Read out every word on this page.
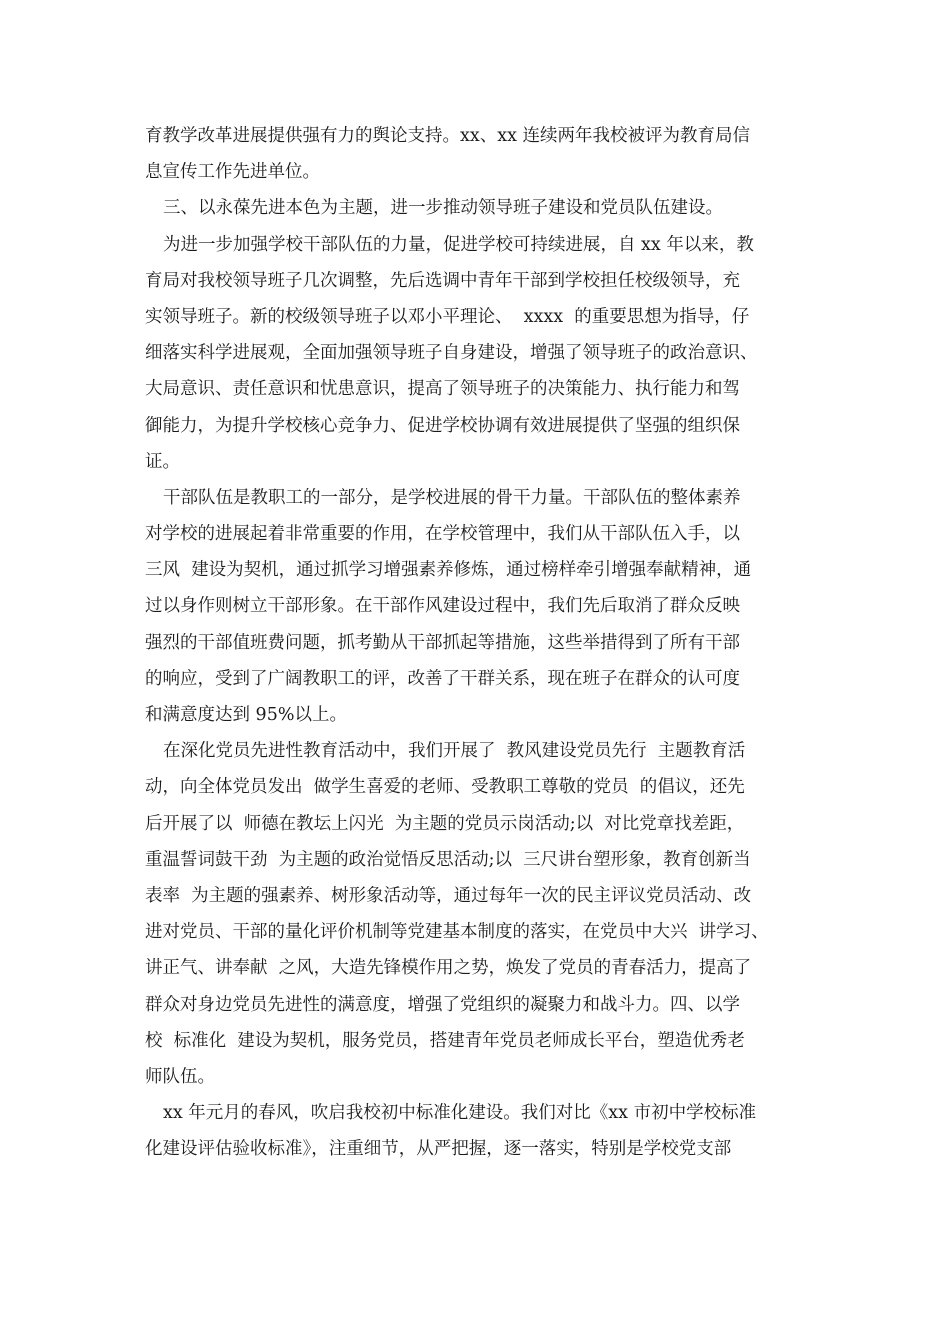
育教学改革进展提供强有力的舆论支持。xx、xx 连续两年我校被评为教育局信
息宣传工作先进单位。
三、以永葆先进本色为主题，进一步推动领导班子建设和党员队伍建设。
为进一步加强学校干部队伍的力量，促进学校可持续进展，自 xx 年以来，教
育局对我校领导班子几次调整，先后选调中青年干部到学校担任校级领导，充
实领导班子。新的校级领导班子以邓小平理论、  xxxx  的重要思想为指导，仔
细落实科学进展观，全面加强领导班子自身建设，增强了领导班子的政治意识、
大局意识、责任意识和忧患意识，提高了领导班子的决策能力、执行能力和驾
御能力，为提升学校核心竞争力、促进学校协调有效进展提供了坚强的组织保
证。
干部队伍是教职工的一部分，是学校进展的骨干力量。干部队伍的整体素养
对学校的进展起着非常重要的作用，在学校管理中，我们从干部队伍入手，以
三风  建设为契机，通过抓学习增强素养修炼，通过榜样牵引增强奉献精神，通
过以身作则树立干部形象。在干部作风建设过程中，我们先后取消了群众反映
强烈的干部值班费问题，抓考勤从干部抓起等措施，这些举措得到了所有干部
的响应，受到了广阔教职工的评，改善了干群关系，现在班子在群众的认可度
和满意度达到 95%以上。
在深化党员先进性教育活动中，我们开展了  教风建设党员先行  主题教育活
动，向全体党员发出  做学生喜爱的老师、受教职工尊敬的党员  的倡议，还先
后开展了以  师德在教坛上闪光  为主题的党员示岗活动;以  对比党章找差距，
重温誓词鼓干劲  为主题的政治觉悟反思活动;以  三尺讲台塑形象，教育创新当
表率  为主题的强素养、树形象活动等，通过每年一次的民主评议党员活动、改
进对党员、干部的量化评价机制等党建基本制度的落实，在党员中大兴  讲学习、
讲正气、讲奉献  之风，大造先锋模作用之势，焕发了党员的青春活力，提高了
群众对身边党员先进性的满意度，增强了党组织的凝聚力和战斗力。四、以学
校  标准化  建设为契机，服务党员，搭建青年党员老师成长平台，塑造优秀老
师队伍。
xx 年元月的春风，吹启我校初中标准化建设。我们对比《xx 市初中学校标准
化建设评估验收标准》，注重细节，从严把握，逐一落实，特别是学校党支部
